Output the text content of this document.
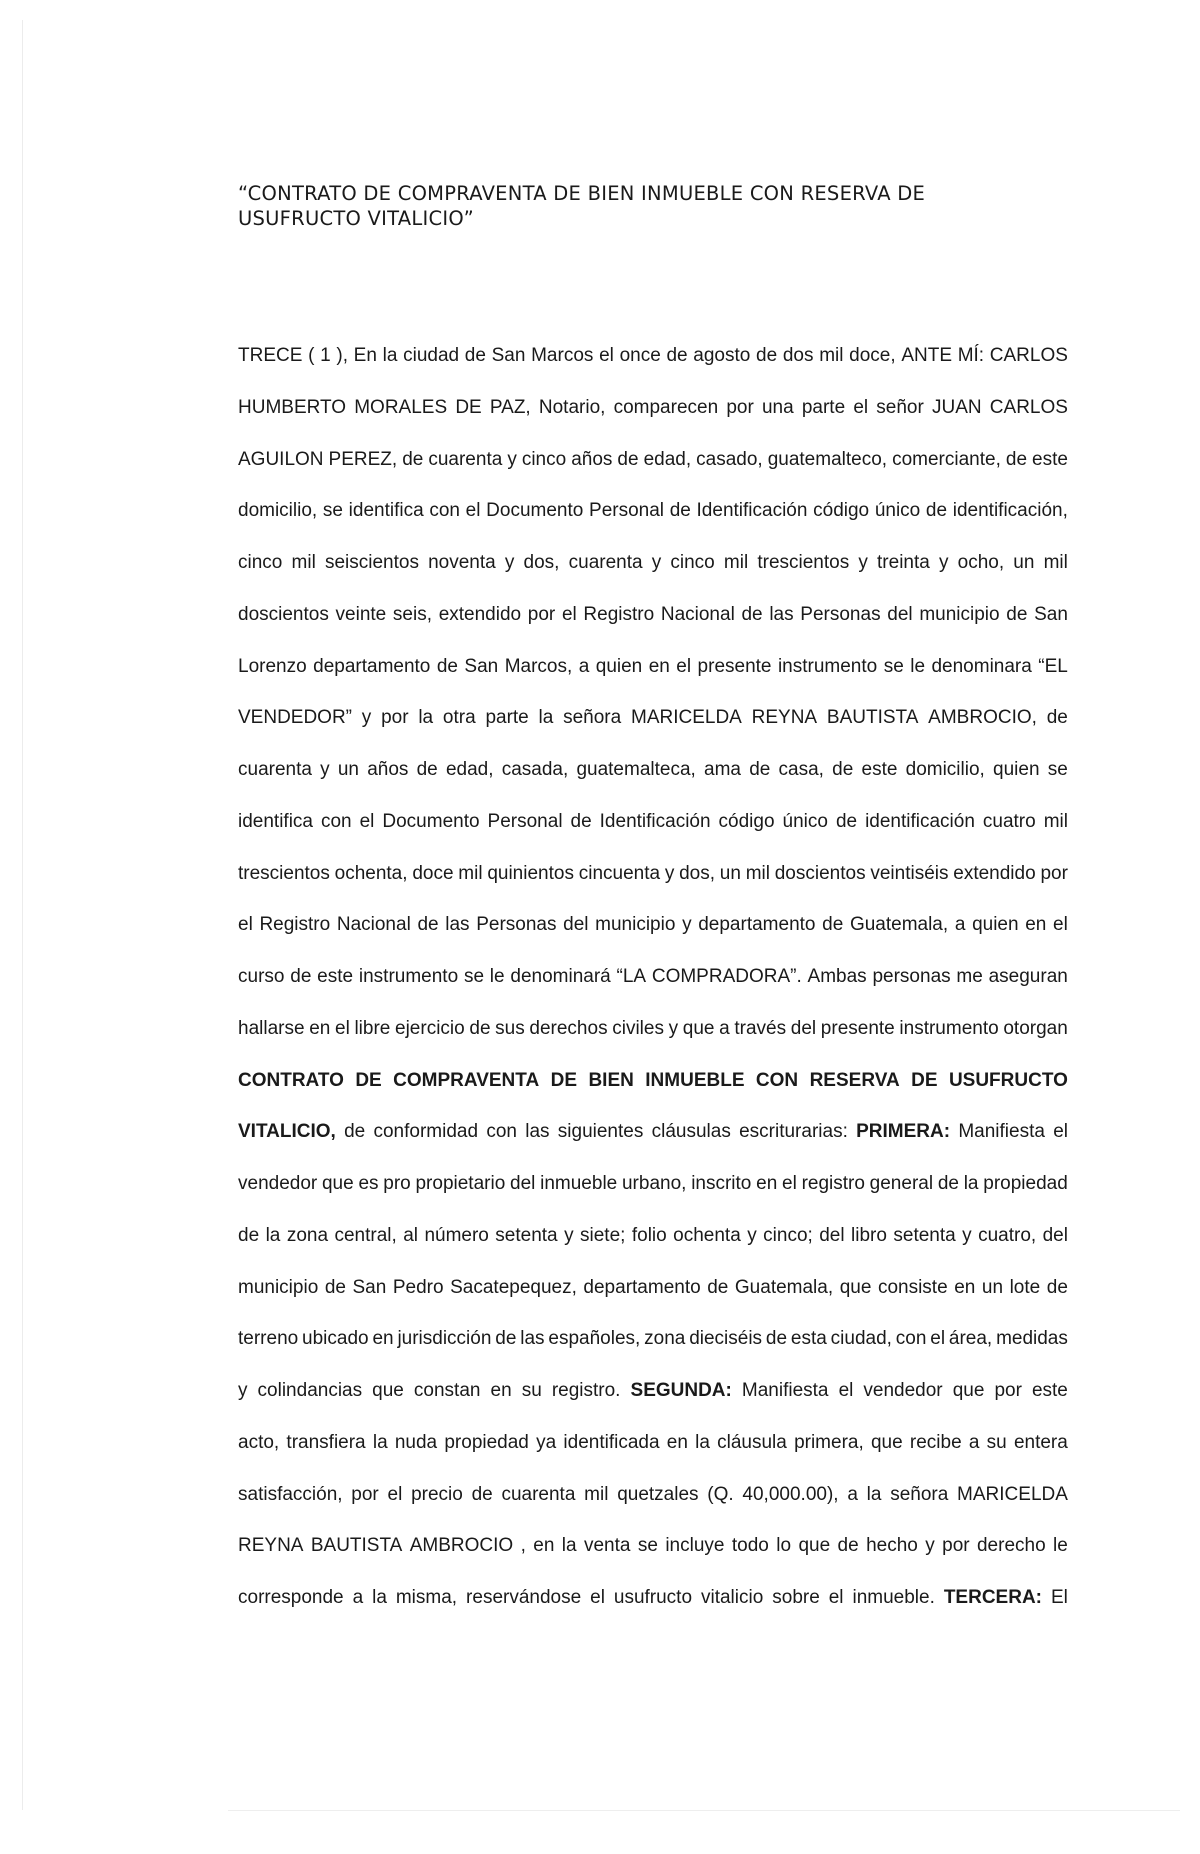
“CONTRATO DE COMPRAVENTA DE BIEN INMUEBLE CON RESERVA DE
USUFRUCTO VITALICIO”
TRECE ( 1 ), En la ciudad de San Marcos el once de agosto de dos mil doce, ANTE MÍ: CARLOS
HUMBERTO MORALES DE PAZ, Notario, comparecen por una parte el señor JUAN CARLOS
AGUILON PEREZ, de cuarenta y cinco años de edad, casado, guatemalteco, comerciante, de este
domicilio, se identifica con el Documento Personal de Identificación código único de identificación,
cinco mil seiscientos noventa y dos, cuarenta y cinco mil trescientos y treinta y ocho, un mil
doscientos veinte seis, extendido por el Registro Nacional de las Personas del municipio de San
Lorenzo departamento de San Marcos, a quien en el presente instrumento se le denominara “EL
VENDEDOR” y por la otra parte la señora MARICELDA REYNA BAUTISTA AMBROCIO, de
cuarenta y un años de edad, casada, guatemalteca, ama de casa, de este domicilio, quien se
identifica con el Documento Personal de Identificación código único de identificación cuatro mil
trescientos ochenta, doce mil quinientos cincuenta y dos, un mil doscientos veintiséis extendido por
el Registro Nacional de las Personas del municipio y departamento de Guatemala, a quien en el
curso de este instrumento se le denominará “LA COMPRADORA”. Ambas personas me aseguran
hallarse en el libre ejercicio de sus derechos civiles y que a través del presente instrumento otorgan
CONTRATO DE COMPRAVENTA DE BIEN INMUEBLE CON RESERVA DE USUFRUCTO
VITALICIO, de conformidad con las siguientes cláusulas escriturarias: PRIMERA: Manifiesta el
vendedor que es pro propietario del inmueble urbano, inscrito en el registro general de la propiedad
de la zona central, al número setenta y siete; folio ochenta y cinco; del libro setenta y cuatro, del
municipio de San Pedro Sacatepequez, departamento de Guatemala, que consiste en un lote de
terreno ubicado en jurisdicción de las españoles, zona dieciséis de esta ciudad, con el área, medidas
y colindancias que constan en su registro. SEGUNDA: Manifiesta el vendedor que por este
acto, transfiera la nuda propiedad ya identificada en la cláusula primera, que recibe a su entera
satisfacción, por el precio de cuarenta mil quetzales (Q. 40,000.00), a la señora MARICELDA
REYNA BAUTISTA AMBROCIO , en la venta se incluye todo lo que de hecho y por derecho le
corresponde a la misma, reservándose el usufructo vitalicio sobre el inmueble. TERCERA: El
